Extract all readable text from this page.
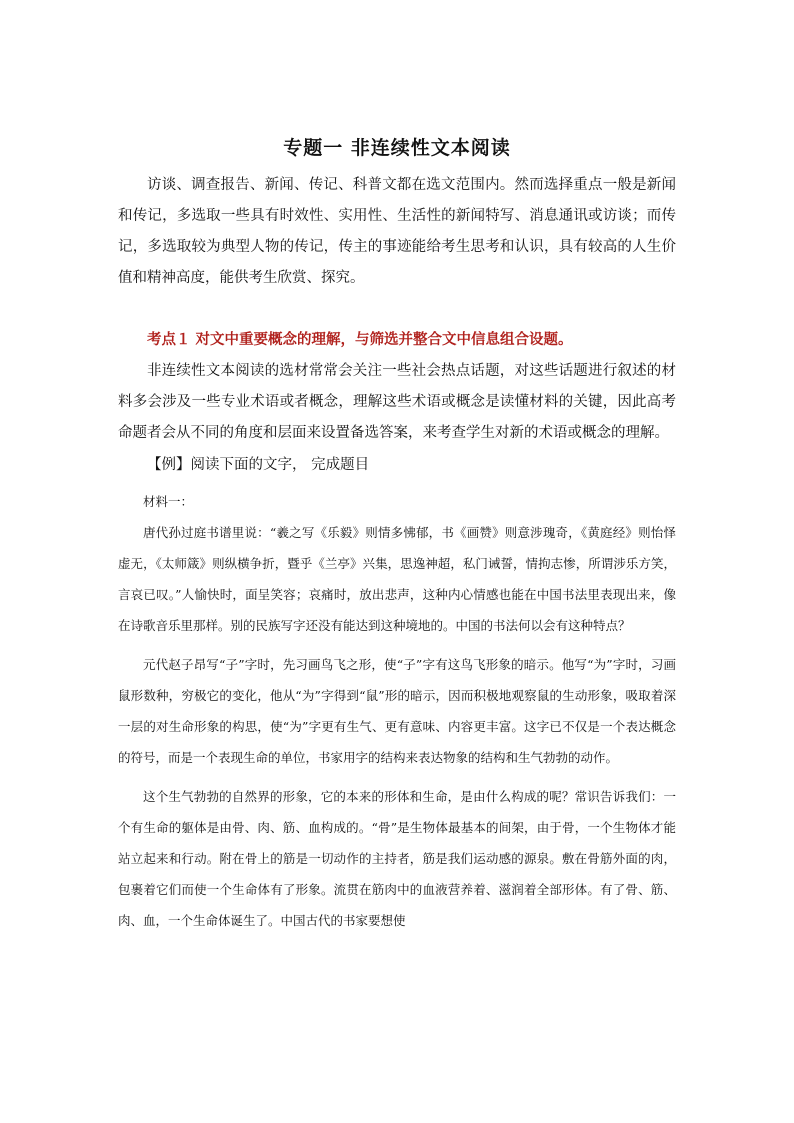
专题一 非连续性文本阅读

访谈、调查报告、新闻、传记、科普文都在选文范围内。然而选择重点一般是新闻和传记，多选取一些具有时效性、实用性、生活性的新闻特写、消息通讯或访谈；而传记，多选取较为典型人物的传记，传主的事迹能给考生思考和认识，具有较高的人生价值和精神高度，能供考生欣赏、探究。

考点１ 对文中重要概念的理解，与筛选并整合文中信息组合设题。

非连续性文本阅读的选材常常会关注一些社会热点话题，对这些话题进行叙述的材料多会涉及一些专业术语或者概念，理解这些术语或概念是读懂材料的关键，因此高考命题者会从不同的角度和层面来设置备选答案，来考查学生对新的术语或概念的理解。

【例】阅读下面的文字， 完成题目

材料一：

唐代孙过庭书谱里说：“羲之写《乐毅》则情多怫郁，书《画赞》则意涉瑰奇，《黄庭经》则怡怿虚无，《太师箴》则纵横争折，暨乎《兰亭》兴集，思逸神超，私门诫誓，情拘志惨，所谓涉乐方笑，言哀已叹。”人愉快时，面呈笑容；哀痛时，放出悲声，这种内心情感也能在中国书法里表现出来，像在诗歌音乐里那样。别的民族写字还没有能达到这种境地的。中国的书法何以会有这种特点？

元代赵子昂写“子”字时，先习画鸟飞之形，使“子”字有这鸟飞形象的暗示。他写“为”字时，习画鼠形数种，穷极它的变化，他从“为”字得到“鼠”形的暗示，因而积极地观察鼠的生动形象，吸取着深一层的对生命形象的构思，使“为”字更有生气、更有意味、内容更丰富。这字已不仅是一个表达概念的符号，而是一个表现生命的单位，书家用字的结构来表达物象的结构和生气勃勃的动作。

这个生气勃勃的自然界的形象，它的本来的形体和生命，是由什么构成的呢？常识告诉我们：一个有生命的躯体是由骨、肉、筋、血构成的。“骨”是生物体最基本的间架，由于骨，一个生物体才能站立起来和行动。附在骨上的筋是一切动作的主持者，筋是我们运动感的源泉。敷在骨筋外面的肉，包裹着它们而使一个生命体有了形象。流贯在筋肉中的血液营养着、滋润着全部形体。有了骨、筋、肉、血，一个生命体诞生了。中国古代的书家要想使
